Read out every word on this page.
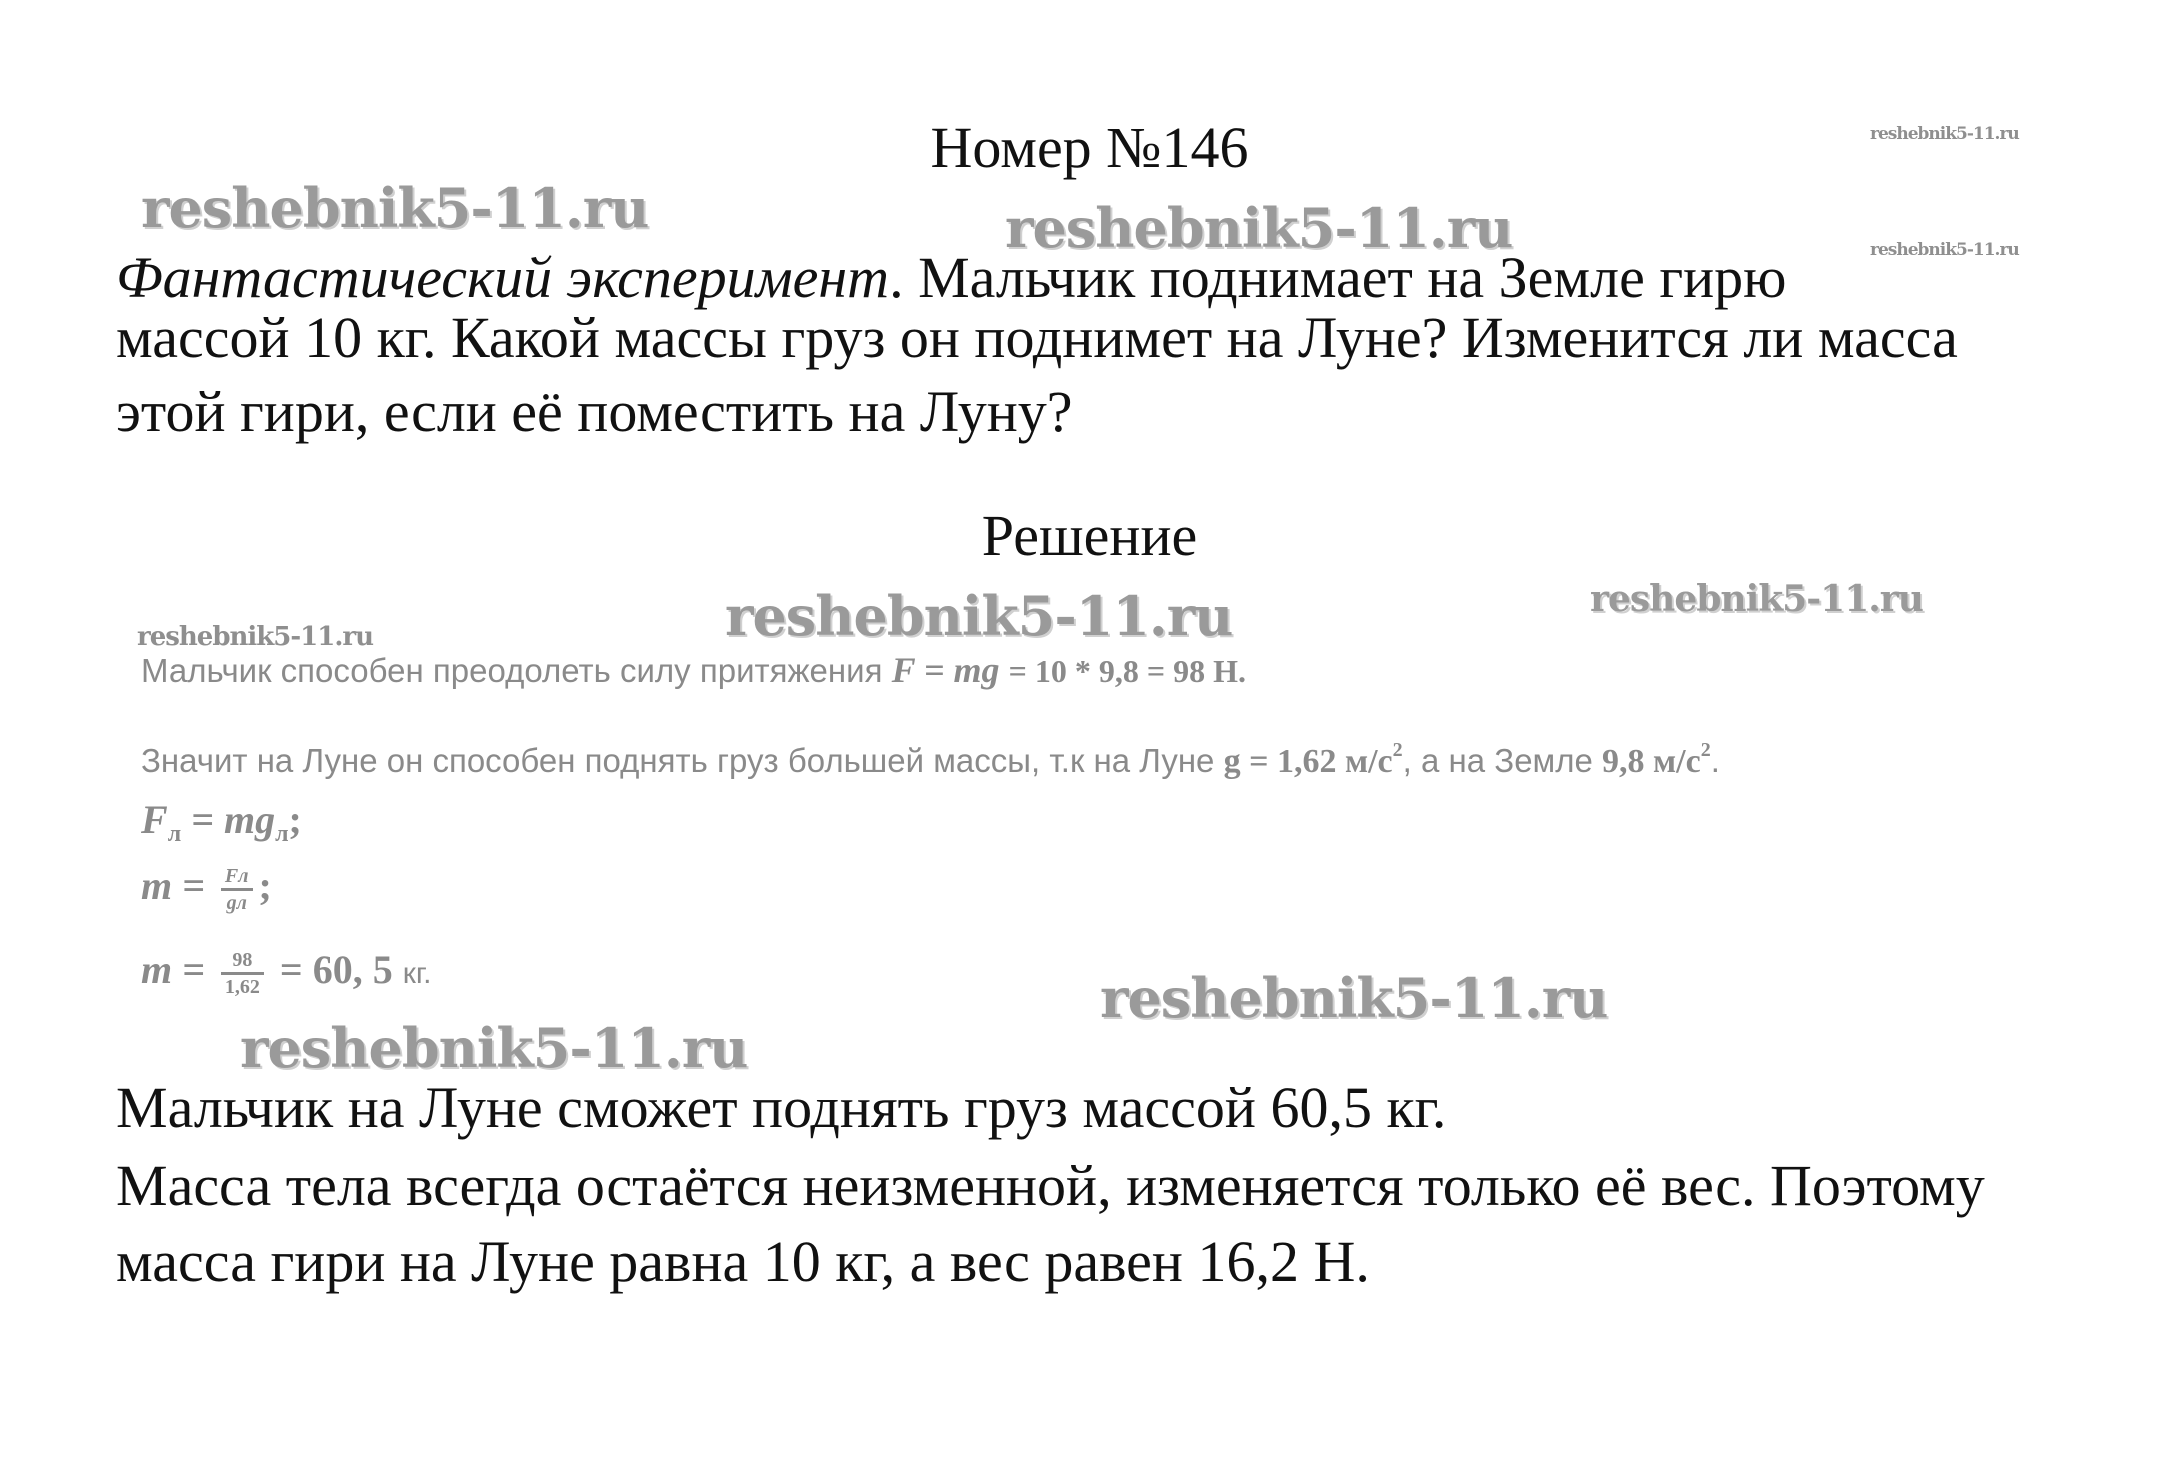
Номер №146	reshebnik5-11.ru
reshebnik5-11.ru	reshebnik5-11.ru	reshebnik5-11.ru
Фантастический эксперимент. Мальчик поднимает на Земле гирю
массой 10 кг. Какой массы груз он поднимет на Луне? Изменится ли масса
этой гири, если её поместить на Луну?
Решение
reshebnik5-11.ru	reshebnik5-11.ru
reshebnik5-11.ru
Мальчик способен преодолеть силу притяжения F = mg = 10 * 9,8 = 98 Н.
Значит на Луне он способен поднять груз большей массы, т.к на Луне g = 1,62 $м/с^2$, а на Земле 9,8 $м/с^2$.
$F_л = mg_л$;
$m = \frac{Fл}{gл}$ ;
$m = \frac{98}{1,62} = 60$, 5 кг.	reshebnik5-11.ru
reshebnik5-11.ru
Мальчик на Луне сможет поднять груз массой 60,5 кг.
Масса тела всегда остаётся неизменной, изменяется только её вес. Поэтому
масса гири на Луне равна 10 кг, а вес равен 16,2 Н.
